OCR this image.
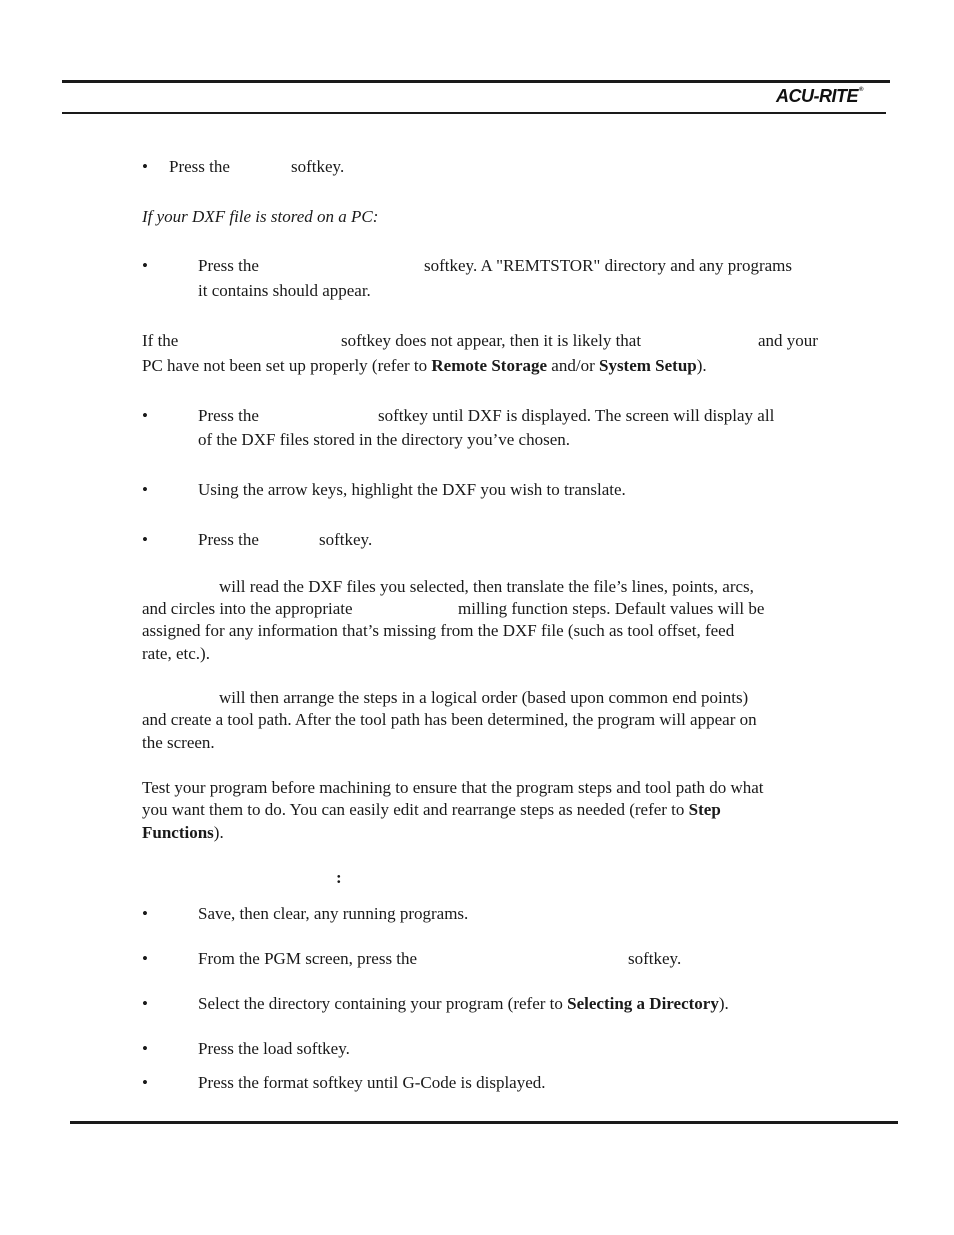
ACU-RITE®
• Press the	softkey.
If your DXF file is stored on a PC:
•	Press the	softkey. A "REMTSTOR" directory and any programs
it contains should appear.
If the	softkey does not appear, then it is likely that	and your
PC have not been set up properly (refer to Remote Storage and/or System Setup).
•	Press the	softkey until DXF is displayed. The screen will display all
of the DXF files stored in the directory you’ve chosen.
•	Using the arrow keys, highlight the DXF you wish to translate.
•	Press the	softkey.
will read the DXF files you selected, then translate the file’s lines, points, arcs,
and circles into the appropriate	milling function steps. Default values will be
assigned for any information that’s missing from the DXF file (such as tool offset, feed
rate, etc.).
will then arrange the steps in a logical order (based upon common end points)
and create a tool path. After the tool path has been determined, the program will appear on
the screen.
Test your program before machining to ensure that the program steps and tool path do what
you want them to do. You can easily edit and rearrange steps as needed (refer to Step
Functions).
:
•	Save, then clear, any running programs.
•	From the PGM screen, press the	softkey.
•	Select the directory containing your program (refer to Selecting a Directory).
•	Press the load softkey.
•	Press the format softkey until G-Code is displayed.
